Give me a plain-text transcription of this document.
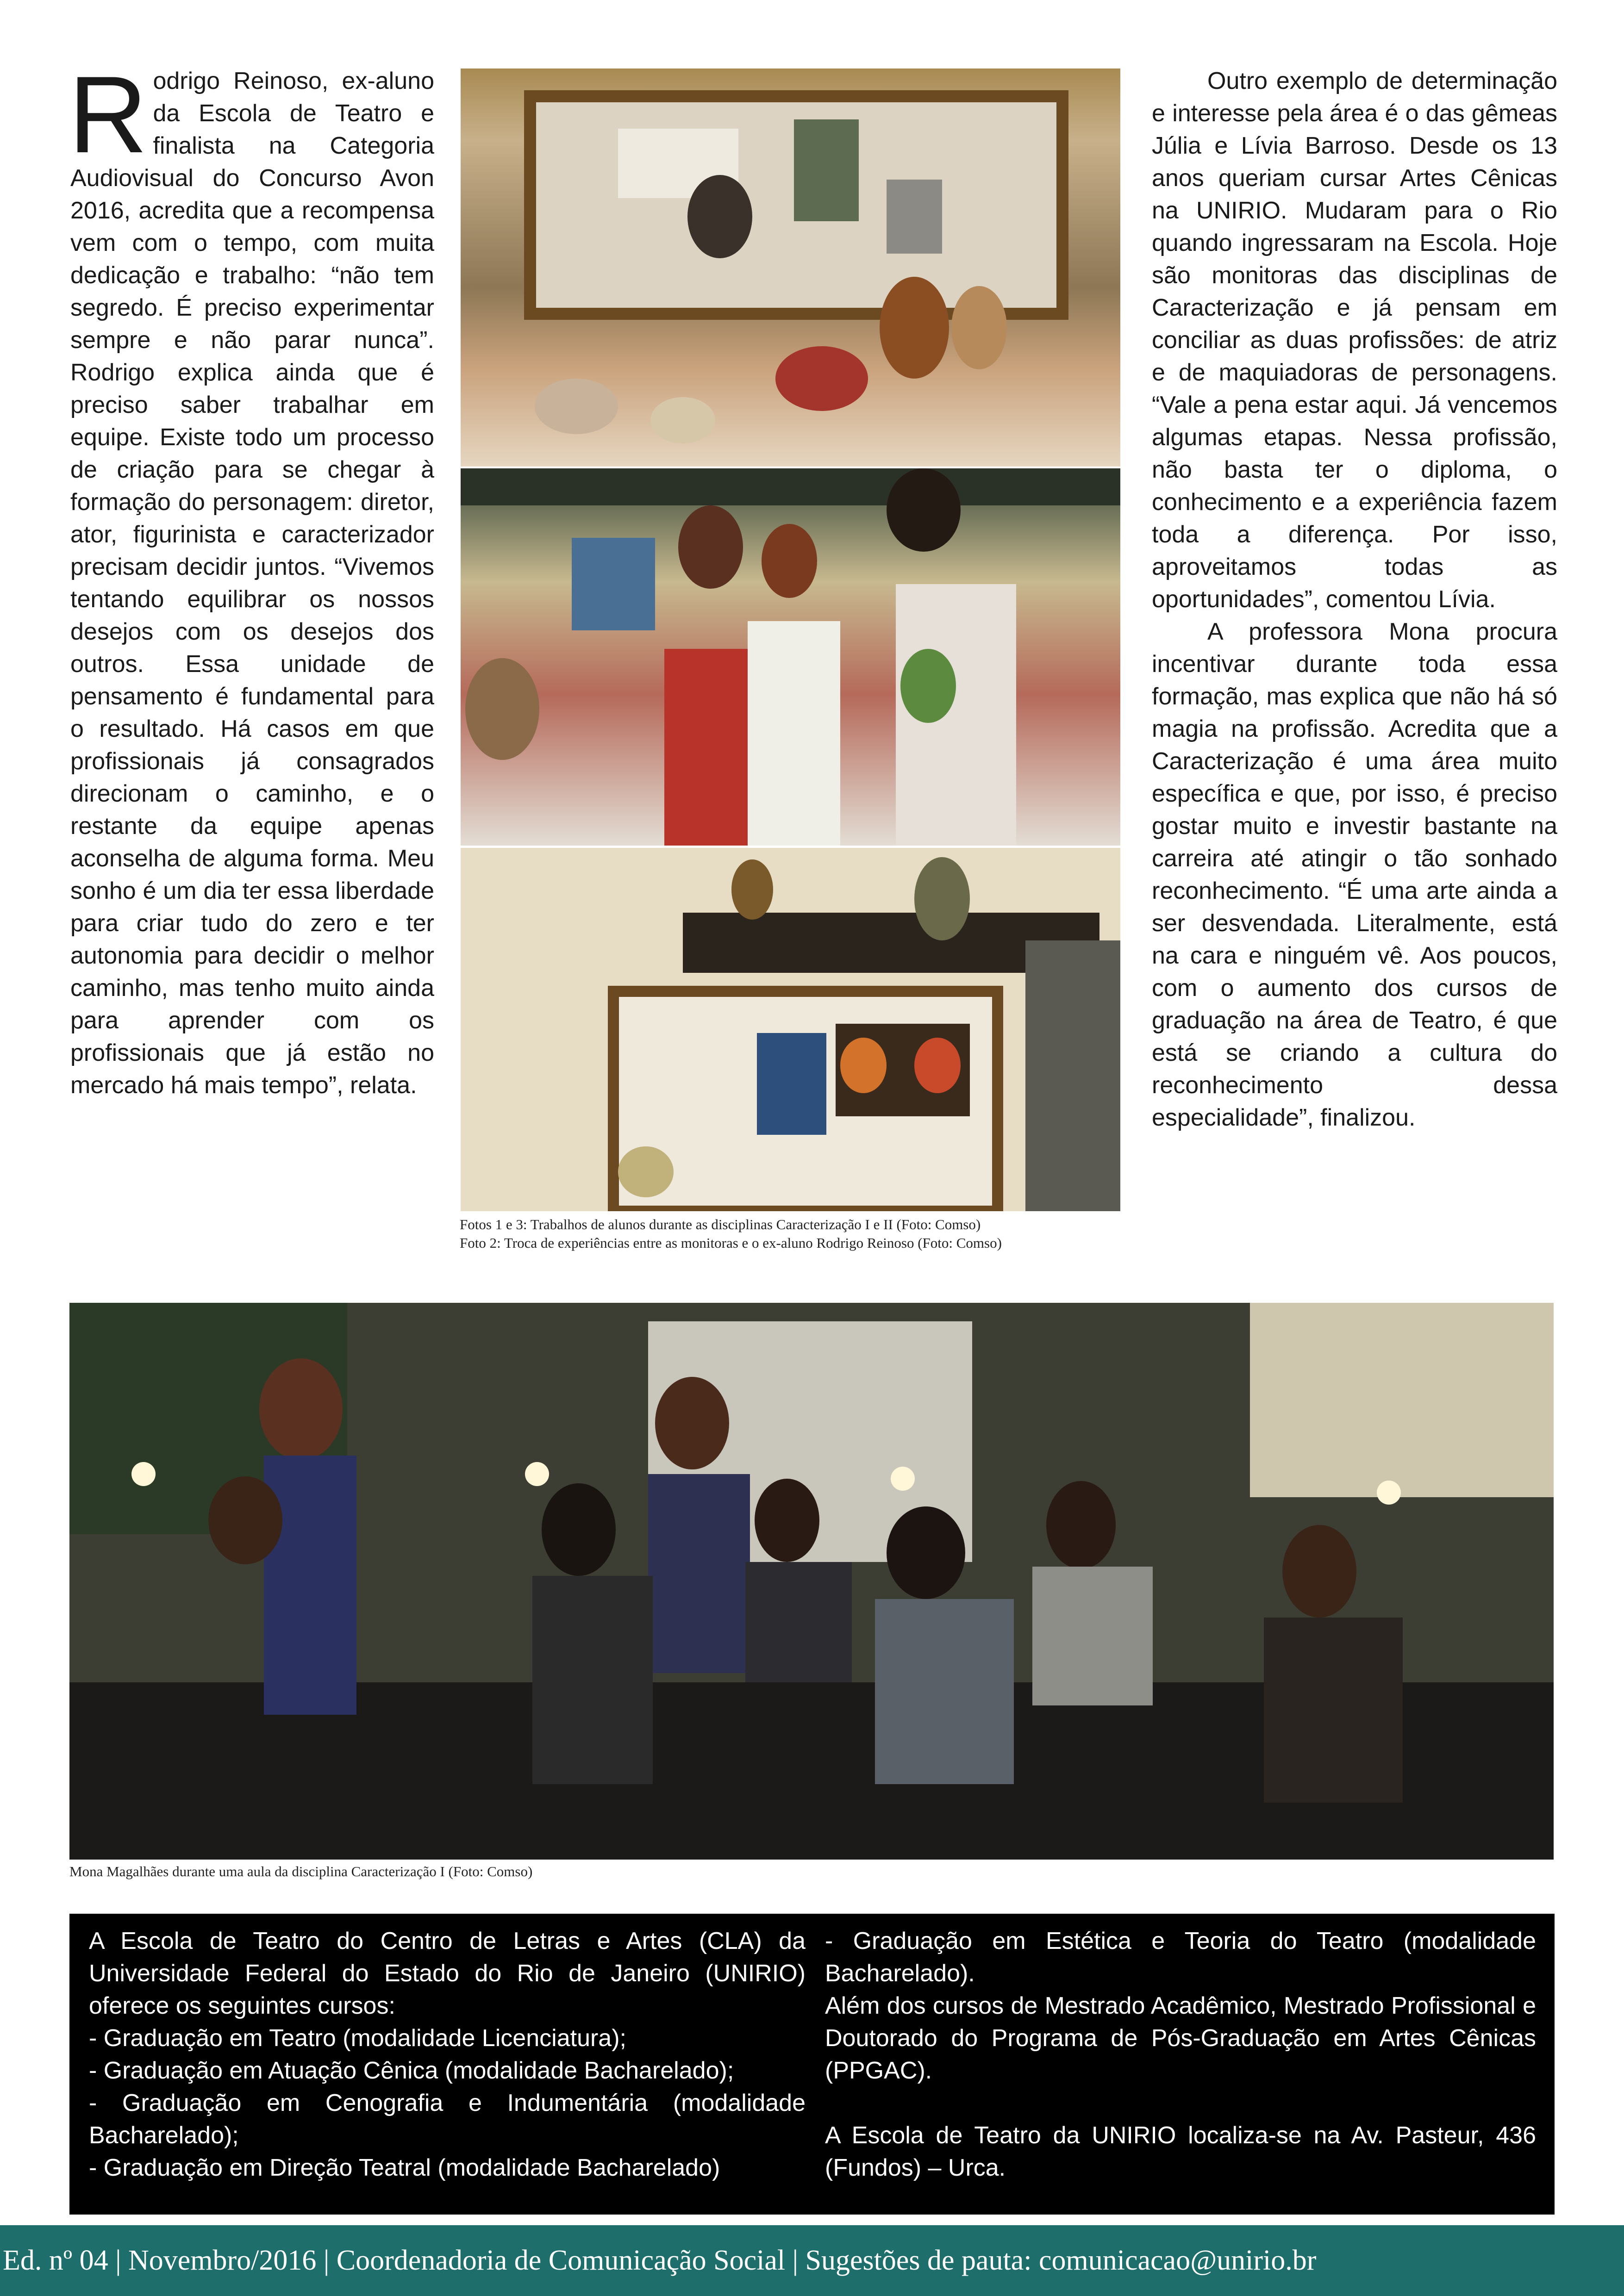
Rodrigo Reinoso, ex-aluno da Escola de Teatro e finalista na Categoria Audiovisual do Concurso Avon 2016, acredita que a recompensa vem com o tempo, com muita dedicação e trabalho: “não tem segredo. É preciso experimentar sempre e não parar nunca”. Rodrigo explica ainda que é preciso saber trabalhar em equipe. Existe todo um processo de criação para se chegar à formação do personagem: diretor, ator, figurinista e caracterizador precisam decidir juntos. “Vivemos tentando equilibrar os nossos desejos com os desejos dos outros. Essa unidade de pensamento é fundamental para o resultado. Há casos em que profissionais já consagrados direcionam o caminho, e o restante da equipe apenas aconselha de alguma forma. Meu sonho é um dia ter essa liberdade para criar tudo do zero e ter autonomia para decidir o melhor caminho, mas tenho muito ainda para aprender com os profissionais que já estão no mercado há mais tempo”, relata.
Fotos 1 e 3: Trabalhos de alunos durante as disciplinas Caracterização I e II (Foto: Comso)
Foto 2: Troca de experiências entre as monitoras e o ex-aluno Rodrigo Reinoso (Foto: Comso)

Outro exemplo de determinação e interesse pela área é o das gêmeas Júlia e Lívia Barroso. Desde os 13 anos queriam cursar Artes Cênicas na UNIRIO. Mudaram para o Rio quando ingressaram na Escola. Hoje são monitoras das disciplinas de Caracterização e já pensam em conciliar as duas profissões: de atriz e de maquiadoras de personagens. “Vale a pena estar aqui. Já vencemos algumas etapas. Nessa profissão, não basta ter o diploma, o conhecimento e a experiência fazem toda a diferença. Por isso, aproveitamos todas as oportunidades”, comentou Lívia.

A professora Mona procura incentivar durante toda essa formação, mas explica que não há só magia na profissão. Acredita que a Caracterização é uma área muito específica e que, por isso, é preciso gostar muito e investir bastante na carreira até atingir o tão sonhado reconhecimento. “É uma arte ainda a ser desvendada. Literalmente, está na cara e ninguém vê. Aos poucos, com o aumento dos cursos de graduação na área de Teatro, é que está se criando a cultura do reconhecimento dessa especialidade”, finalizou.

Mona Magalhães durante uma aula da disciplina Caracterização I (Foto: Comso)
A Escola de Teatro do Centro de Letras e Artes (CLA) da Universidade Federal do Estado do Rio de Janeiro (UNIRIO) oferece os seguintes cursos:
- Graduação em Teatro (modalidade Licenciatura);
- Graduação em Atuação Cênica (modalidade Bacharelado);
- Graduação em Cenografia e Indumentária (modalidade Bacharelado);
- Graduação em Direção Teatral (modalidade Bacharelado)
- Graduação em Estética e Teoria do Teatro (modalidade Bacharelado).
Além dos cursos de Mestrado Acadêmico, Mestrado Profissional e Doutorado do Programa de Pós-Graduação em Artes Cênicas (PPGAC).
A Escola de Teatro da UNIRIO localiza-se na Av. Pasteur, 436 (Fundos) – Urca.
Ed. nº 04 | Novembro/2016 | Coordenadoria de Comunicação Social | Sugestões de pauta: comunicacao@unirio.br
